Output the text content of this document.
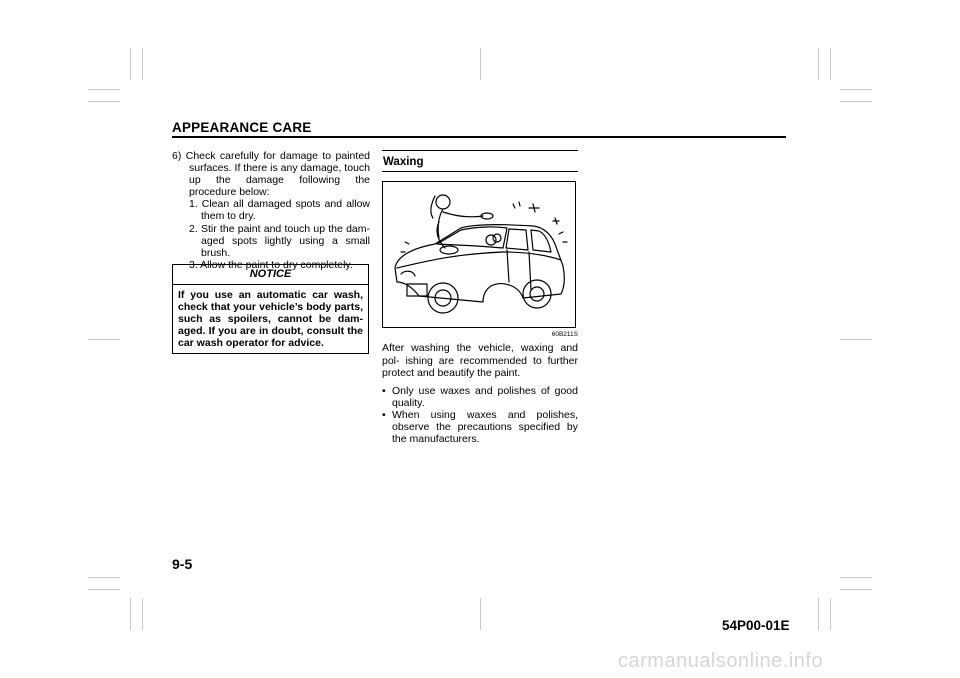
APPEARANCE CARE

6) Check carefully for damage to painted surfaces. If there is any damage, touch up the damage following the procedure below:

1. Clean all damaged spots and allow them to dry.

2. Stir the paint and touch up the dam- aged spots lightly using a small brush.

3. Allow the paint to dry completely.

NOTICE
If you use an automatic car wash, check that your vehicle’s body parts, such as spoilers, cannot be dam- aged. If you are in doubt, consult the car wash operator for advice.
Waxing
60B211S

After washing the vehicle, waxing and pol- ishing are recommended to further protect and beautify the paint.

• Only use waxes and polishes of good quality.
• When using waxes and polishes, observe the precautions specified by the manufacturers.
9-5
54P00-01E
carmanualsonline.info
